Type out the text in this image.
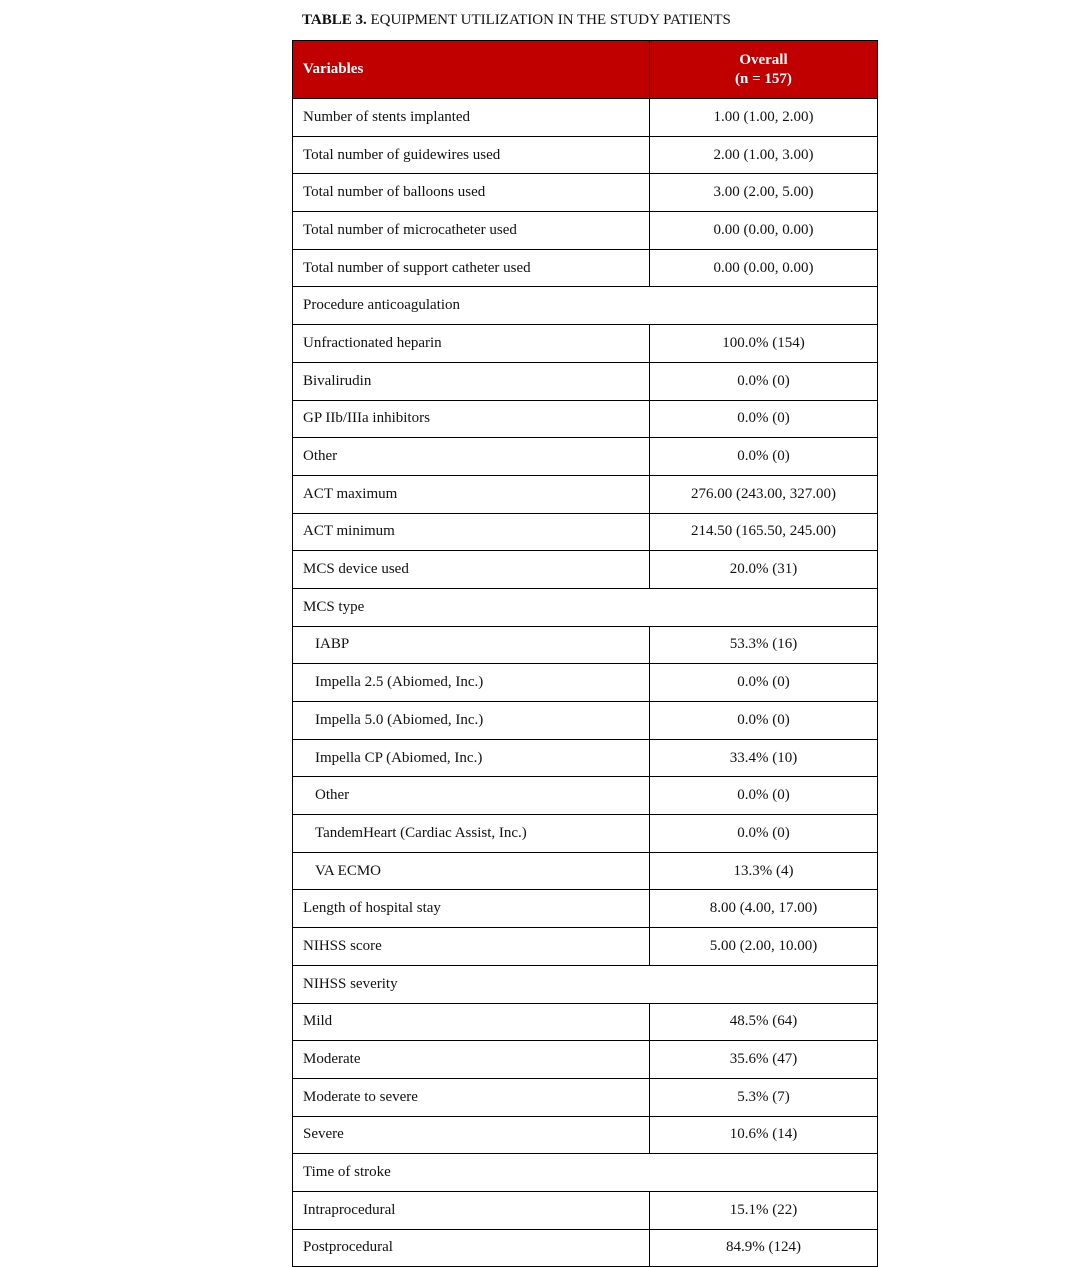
TABLE 3. EQUIPMENT UTILIZATION IN THE STUDY PATIENTS
Variables	Overall
(n = 157)
Number of stents implanted	1.00 (1.00, 2.00)
Total number of guidewires used	2.00 (1.00, 3.00)
Total number of balloons used	3.00 (2.00, 5.00)
Total number of microcatheter used	0.00 (0.00, 0.00)
Total number of support catheter used	0.00 (0.00, 0.00)
Procedure anticoagulation	
Unfractionated heparin	100.0% (154)
Bivalirudin	0.0% (0)
GP IIb/IIIa inhibitors	0.0% (0)
Other	0.0% (0)
ACT maximum	276.00 (243.00, 327.00)
ACT minimum	214.50 (165.50, 245.00)
MCS device used	20.0% (31)
MCS type	
IABP	53.3% (16)
Impella 2.5 (Abiomed, Inc.)	0.0% (0)
Impella 5.0 (Abiomed, Inc.)	0.0% (0)
Impella CP (Abiomed, Inc.)	33.4% (10)
Other	0.0% (0)
TandemHeart (Cardiac Assist, Inc.)	0.0% (0)
VA ECMO	13.3% (4)
Length of hospital stay	8.00 (4.00, 17.00)
NIHSS score	5.00 (2.00, 10.00)
NIHSS severity	
Mild	48.5% (64)
Moderate	35.6% (47)
Moderate to severe	5.3% (7)
Severe	10.6% (14)
Time of stroke	
Intraprocedural	15.1% (22)
Postprocedural	84.9% (124)
